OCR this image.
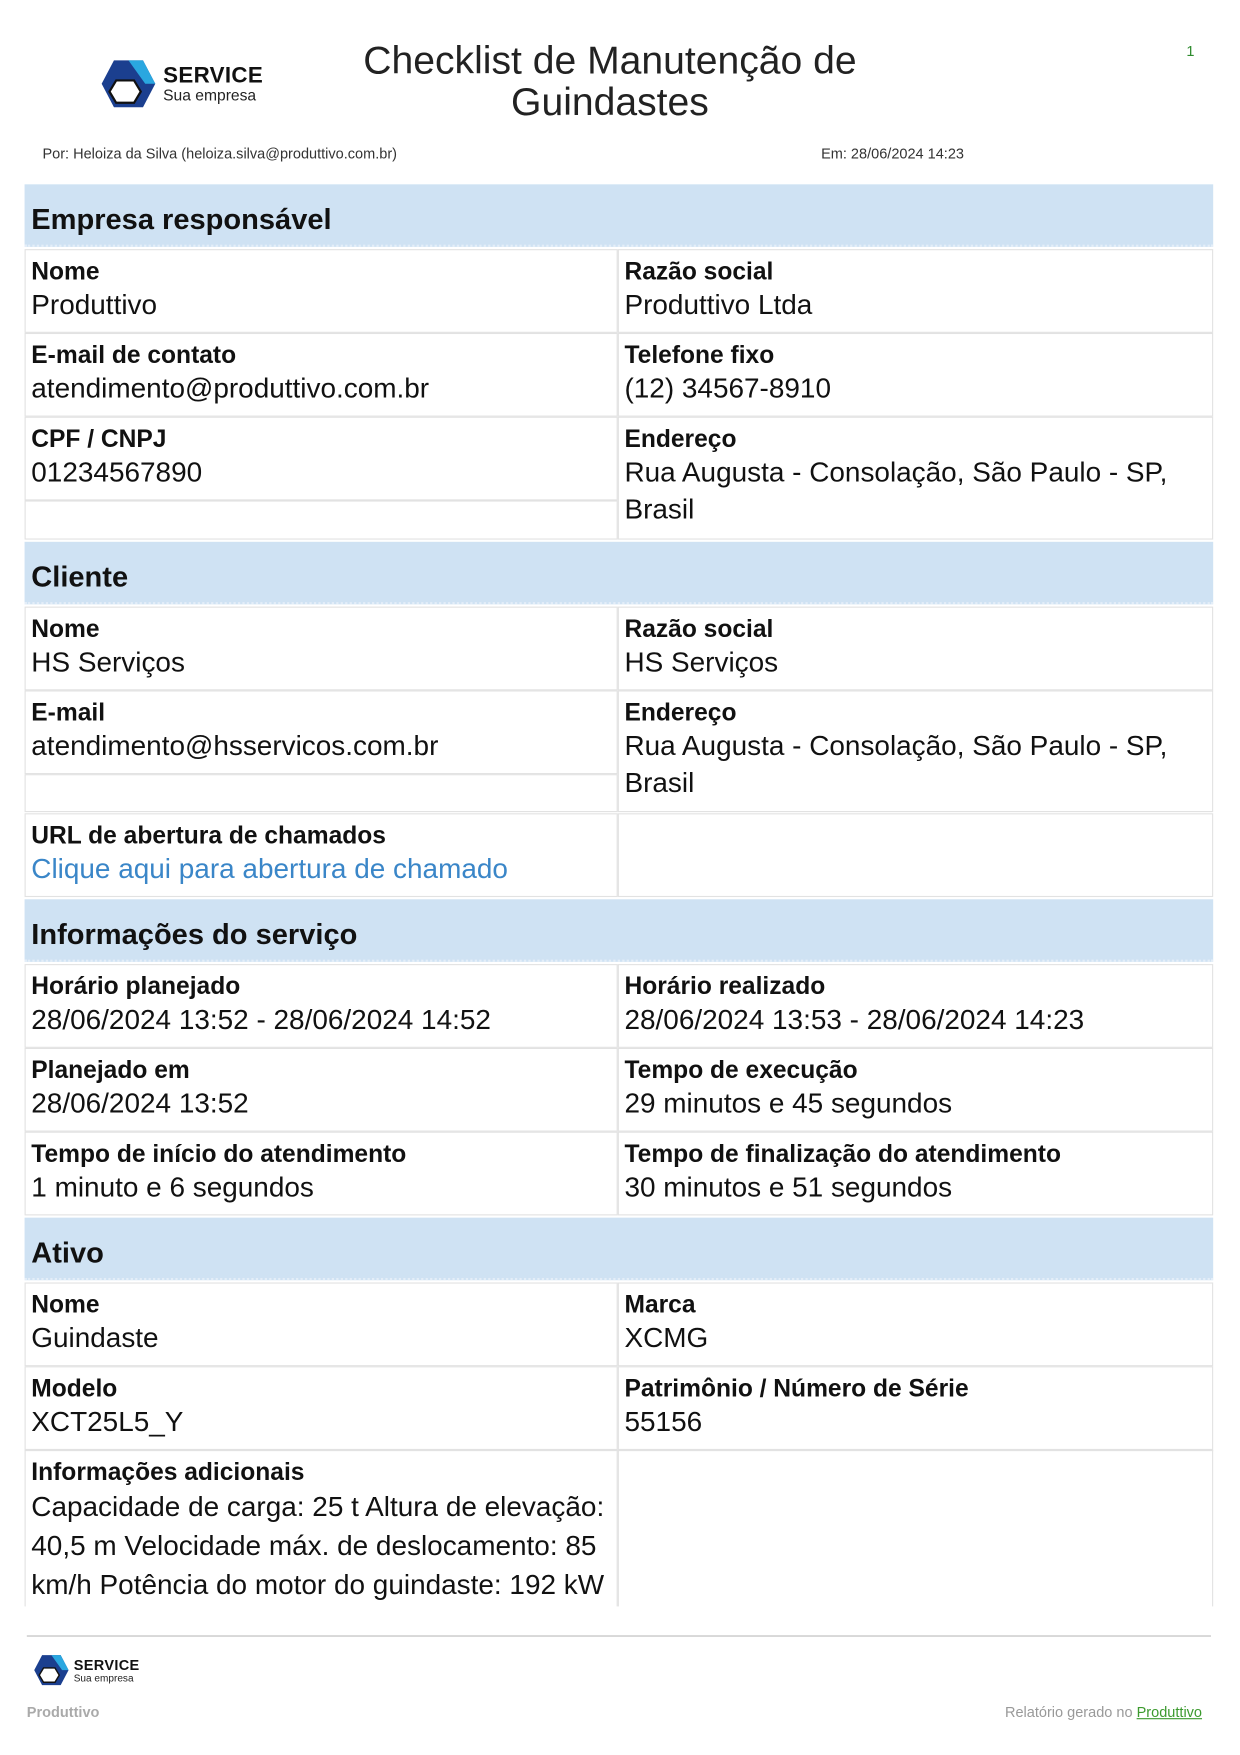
SERVICE
Sua empresa
Checklist de Manutenção de Guindastes
1
Por: Heloiza da Silva (heloiza.silva@produttivo.com.br)	Em: 28/06/2024 14:23
Empresa responsável
Nome
Produttivo
Razão social
Produttivo Ltda
E-mail de contato
atendimento@produttivo.com.br
Telefone fixo
(12) 34567-8910
CPF / CNPJ
01234567890
Endereço
Rua Augusta - Consolação, São Paulo - SP, Brasil
Cliente
Nome
HS Serviços
Razão social
HS Serviços
E-mail
atendimento@hsservicos.com.br
Endereço
Rua Augusta - Consolação, São Paulo - SP, Brasil
URL de abertura de chamados
Clique aqui para abertura de chamado
Informações do serviço
Horário planejado
28/06/2024 13:52 - 28/06/2024 14:52
Horário realizado
28/06/2024 13:53 - 28/06/2024 14:23
Planejado em
28/06/2024 13:52
Tempo de execução
29 minutos e 45 segundos
Tempo de início do atendimento
1 minuto e 6 segundos
Tempo de finalização do atendimento
30 minutos e 51 segundos
Ativo
Nome
Guindaste
Marca
XCMG
Modelo
XCT25L5_Y
Patrimônio / Número de Série
55156
Informações adicionais
Capacidade de carga: 25 t Altura de elevação: 40,5 m Velocidade máx. de deslocamento: 85 km/h Potência do motor do guindaste: 192 kW
SERVICE
Sua empresa
Produttivo	Relatório gerado no Produttivo
